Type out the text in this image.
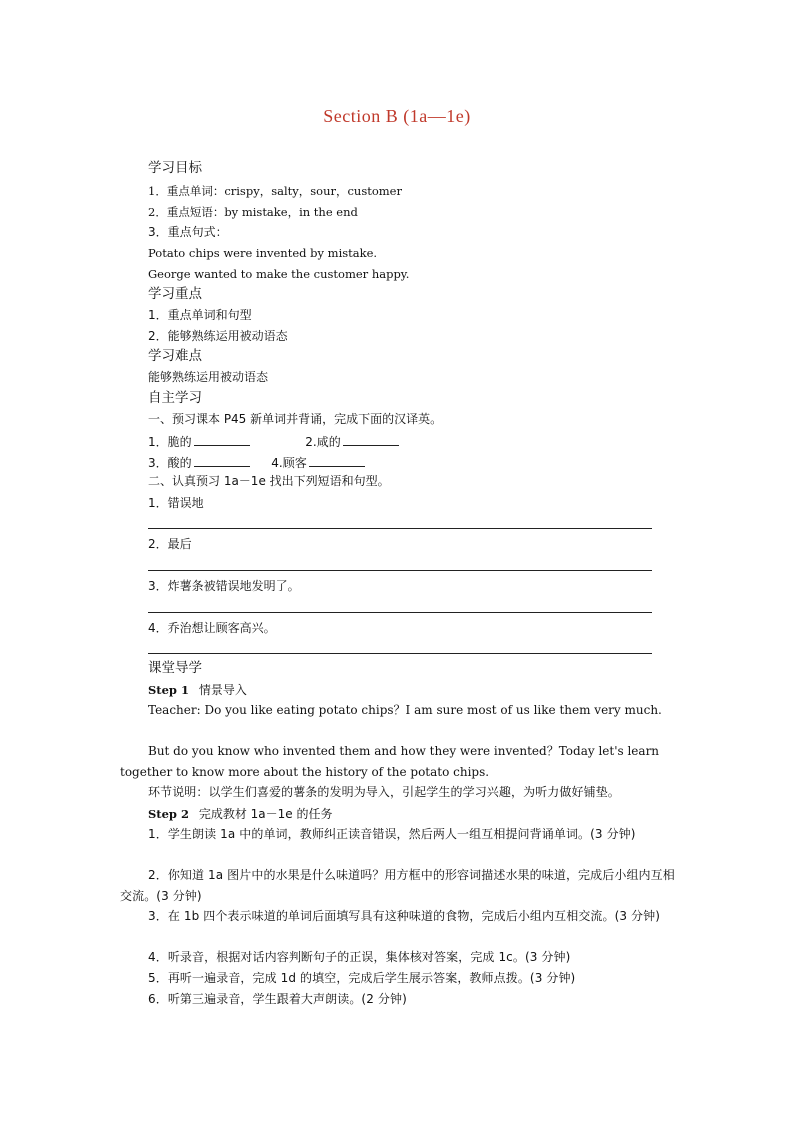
Section B (1a—1e)
学习目标
1．重点单词：crispy，salty，sour，customer
2．重点短语：by mistake，in the end
3．重点句式：
Potato chips were invented by mistake.
George wanted to make the customer happy.
学习重点
1．重点单词和句型
2．能够熟练运用被动语态
学习难点
能够熟练运用被动语态
自主学习
一、预习课本 P45 新单词并背诵，完成下面的汉译英。
1．脆的	2.咸的
3．酸的	4.顾客
二、认真预习 1a－1e 找出下列短语和句型。
1．错误地
2．最后
3．炸薯条被错误地发明了。
4．乔治想让顾客高兴。
课堂导学
Step 1 情景导入
Teacher: Do you like eating potato chips？I am sure most of us like them very much.
But do you know who invented them and how they were invented？Today let's learn together to know more about the history of the potato chips.
环节说明：以学生们喜爱的薯条的发明为导入，引起学生的学习兴趣，为听力做好铺垫。
Step 2 完成教材 1a－1e 的任务
1．学生朗读 1a 中的单词，教师纠正读音错误，然后两人一组互相提问背诵单词。(3 分钟)
2．你知道 1a 图片中的水果是什么味道吗？用方框中的形容词描述水果的味道，完成后小组内互相交流。(3 分钟)
3．在 1b 四个表示味道的单词后面填写具有这种味道的食物，完成后小组内互相交流。(3 分钟)
4．听录音，根据对话内容判断句子的正误，集体核对答案，完成 1c。(3 分钟)
5．再听一遍录音，完成 1d 的填空，完成后学生展示答案，教师点拨。(3 分钟)
6．听第三遍录音，学生跟着大声朗读。(2 分钟)
